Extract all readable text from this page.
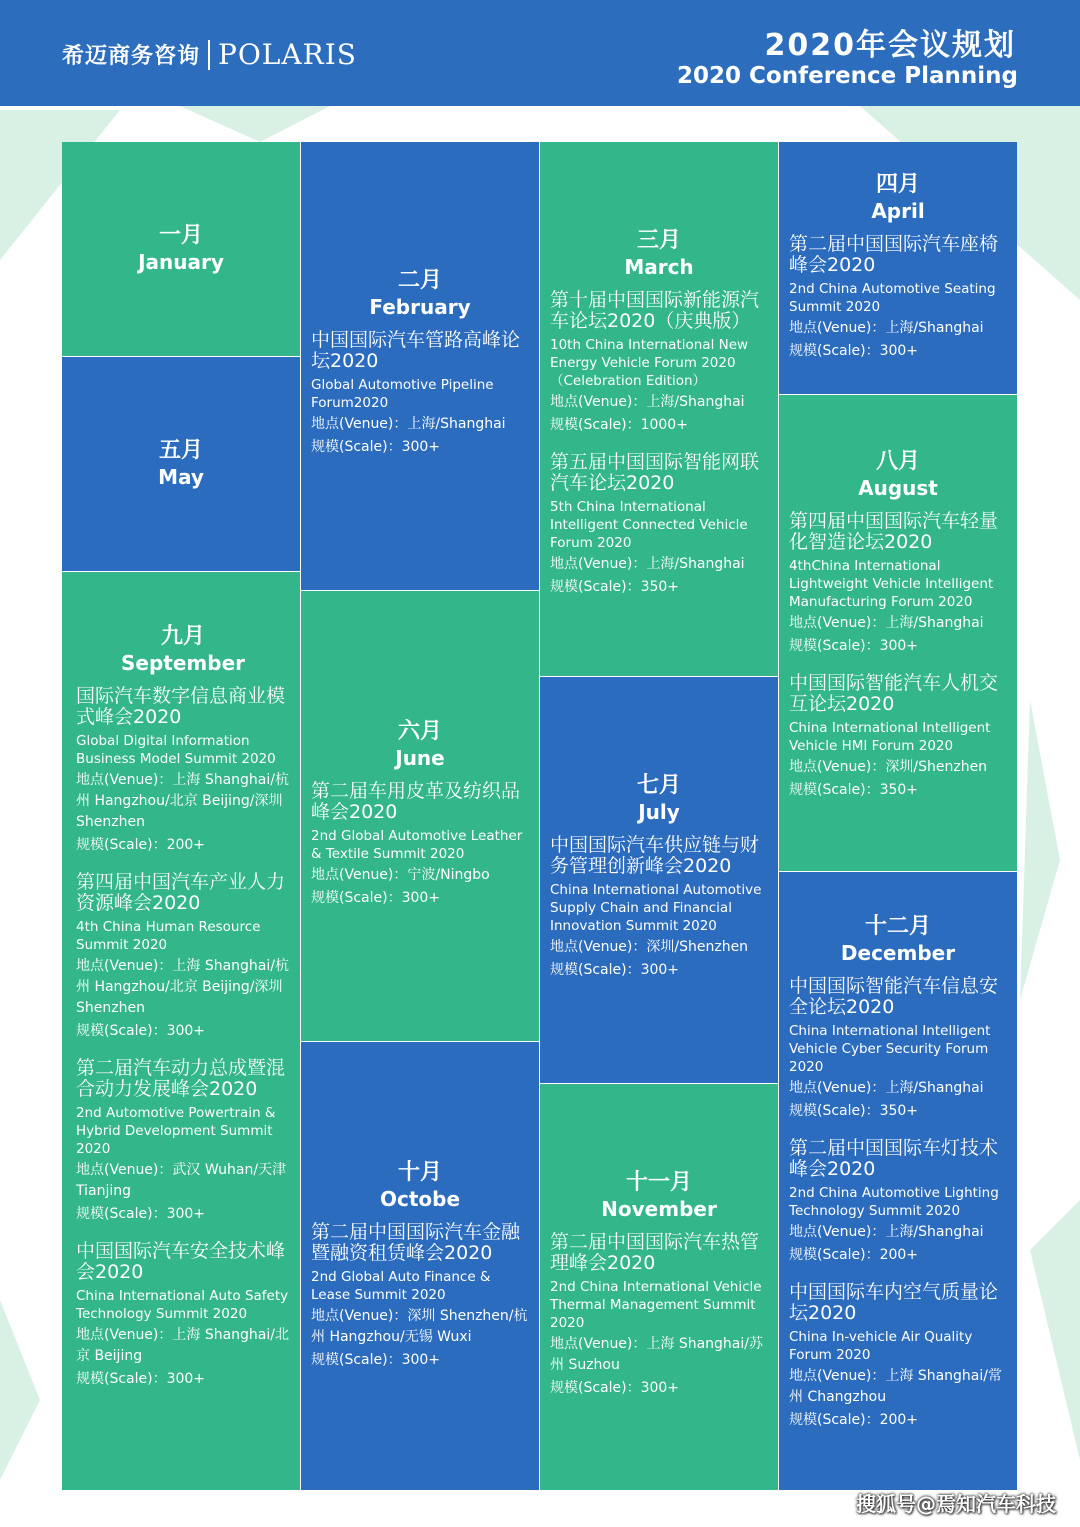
希迈商务咨询 POLARIS	2020年会议规划
2020 Conference Planning
一月
January
五月
May
九月
September
国际汽车数字信息商业模式峰会2020
Global Digital Information Business Model Summit 2020
地点(Venue)：上海 Shanghai/杭州 Hangzhou/北京 Beijing/深圳 Shenzhen
规模(Scale)：200+
第四届中国汽车产业人力资源峰会2020
4th China Human Resource Summit 2020
地点(Venue)：上海 Shanghai/杭州 Hangzhou/北京 Beijing/深圳 Shenzhen
规模(Scale)：300+
第二届汽车动力总成暨混合动力发展峰会2020
2nd Automotive Powertrain & Hybrid Development Summit 2020
地点(Venue)：武汉 Wuhan/天津 Tianjing
规模(Scale)：300+
中国国际汽车安全技术峰会2020
China International Auto Safety Technology Summit 2020
地点(Venue)：上海 Shanghai/北京 Beijing
规模(Scale)：300+
二月
February
中国国际汽车管路高峰论坛2020
Global Automotive Pipeline Forum2020
地点(Venue)：上海/Shanghai
规模(Scale)：300+
六月
June
第二届车用皮革及纺织品峰会2020
2nd Global Automotive Leather & Textile Summit 2020
地点(Venue)：宁波/Ningbo
规模(Scale)：300+
十月
Octobe
第二届中国国际汽车金融暨融资租赁峰会2020
2nd Global Auto Finance & Lease Summit 2020
地点(Venue)：深圳 Shenzhen/杭州 Hangzhou/无锡 Wuxi
规模(Scale)：300+
三月
March
第十届中国国际新能源汽车论坛2020（庆典版）
10th China International New Energy Vehicle Forum 2020 （Celebration Edition）
地点(Venue)：上海/Shanghai
规模(Scale)：1000+
第五届中国国际智能网联汽车论坛2020
5th China International Intelligent Connected Vehicle Forum 2020
地点(Venue)：上海/Shanghai
规模(Scale)：350+
七月
July
中国国际汽车供应链与财务管理创新峰会2020
China International Automotive Supply Chain and Financial Innovation Summit 2020
地点(Venue)：深圳/Shenzhen
规模(Scale)：300+
十一月
November
第二届中国国际汽车热管理峰会2020
2nd China International Vehicle Thermal Management Summit 2020
地点(Venue)：上海 Shanghai/苏州 Suzhou
规模(Scale)：300+
四月
April
第二届中国国际汽车座椅峰会2020
2nd China Automotive Seating Summit 2020
地点(Venue)：上海/Shanghai
规模(Scale)：300+
八月
August
第四届中国国际汽车轻量化智造论坛2020
4thChina International Lightweight Vehicle Intelligent Manufacturing Forum 2020
地点(Venue)：上海/Shanghai
规模(Scale)：300+
中国国际智能汽车人机交互论坛2020
China International Intelligent Vehicle HMI Forum 2020
地点(Venue)：深圳/Shenzhen
规模(Scale)：350+
十二月
December
中国国际智能汽车信息安全论坛2020
China International Intelligent Vehicle Cyber Security Forum 2020
地点(Venue)：上海/Shanghai
规模(Scale)：350+
第二届中国国际车灯技术峰会2020
2nd China Automotive Lighting Technology Summit 2020
地点(Venue)：上海/Shanghai
规模(Scale)：200+
中国国际车内空气质量论坛2020
China In-vehicle Air Quality Forum 2020
地点(Venue)：上海 Shanghai/常州 Changzhou
规模(Scale)：200+
搜狐号@焉知汽车科技
